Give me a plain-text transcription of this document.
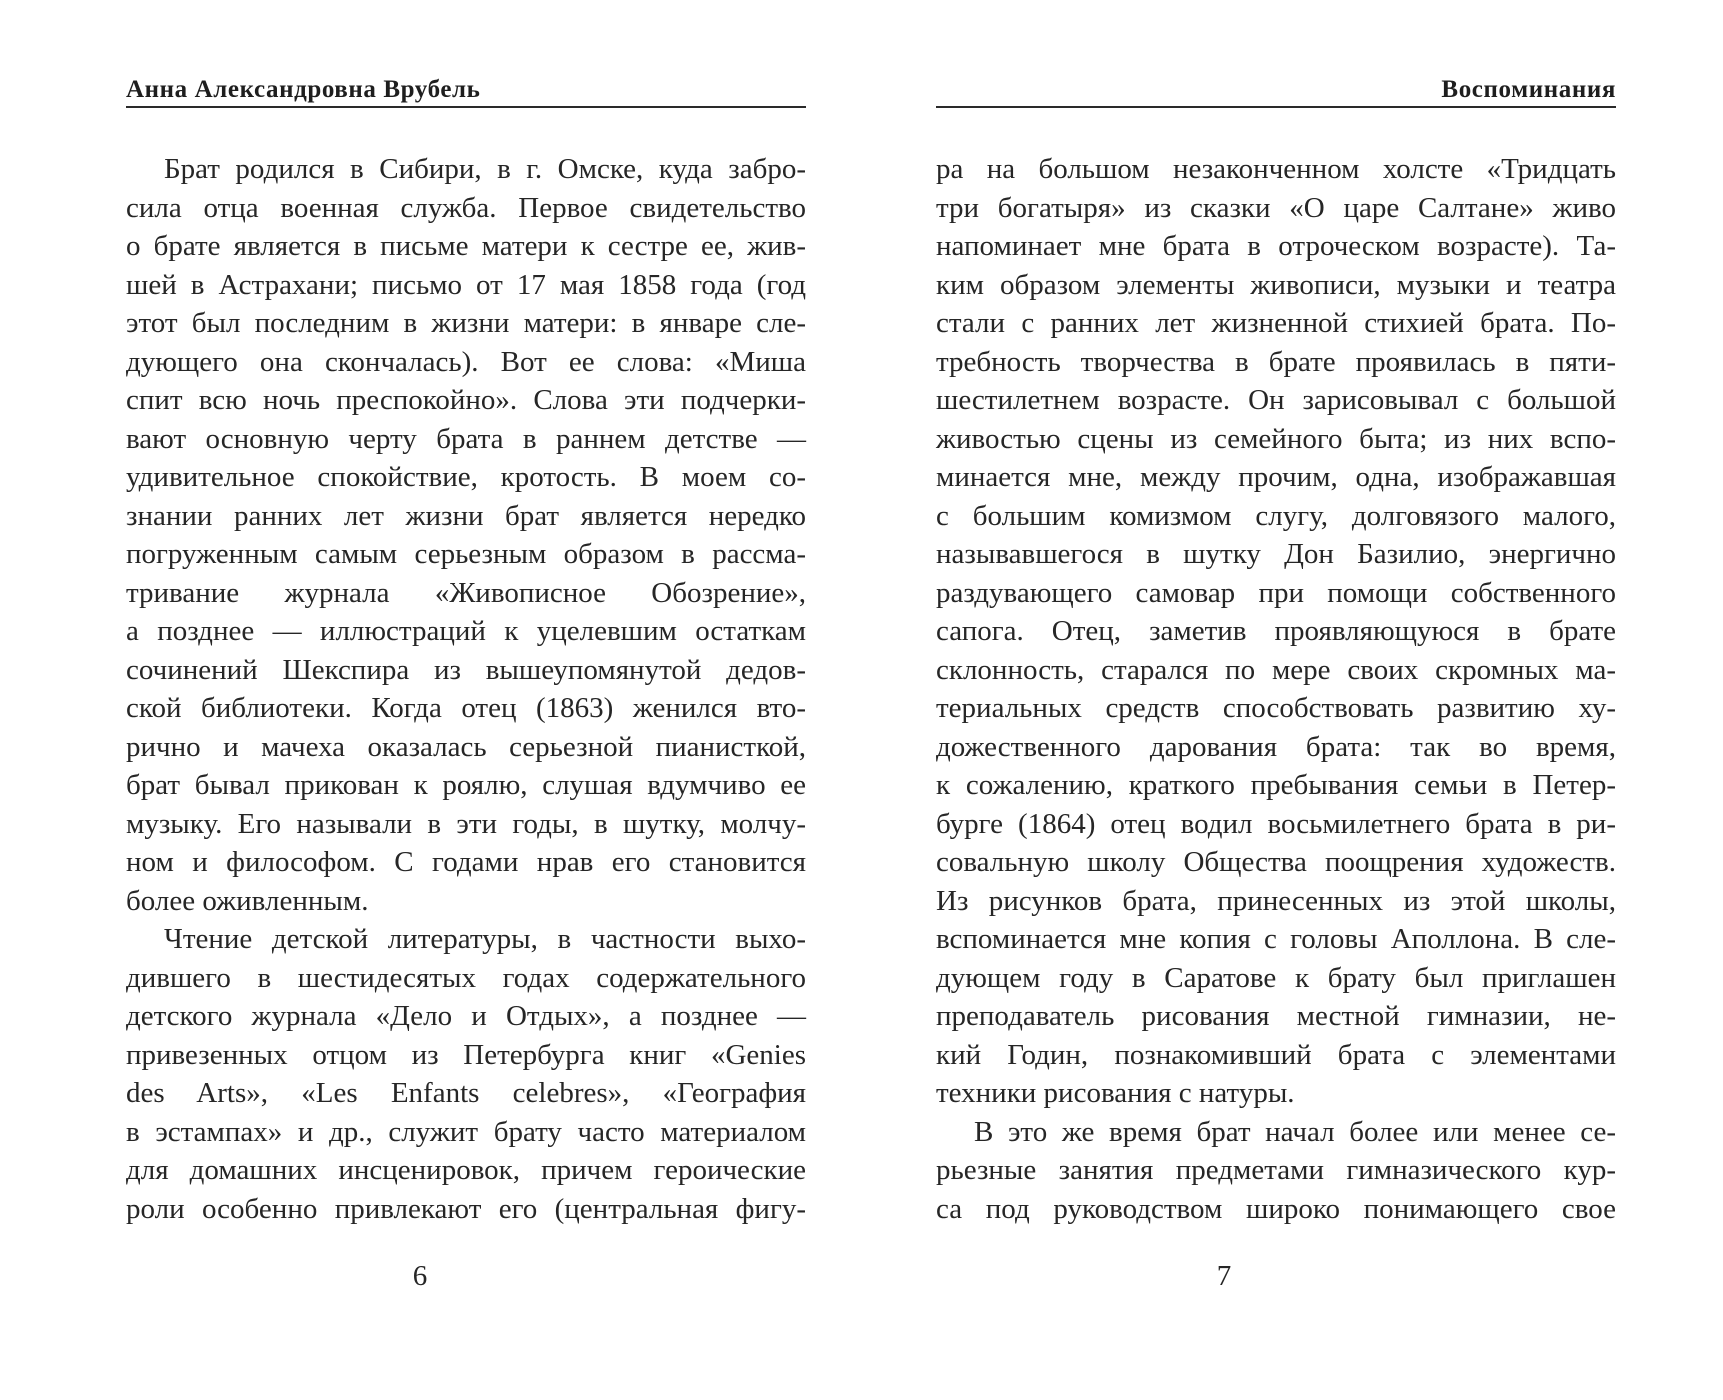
Анна Александровна Врубель
Брат родился в Сибири, в г. Омске, куда забро-
сила отца военная служба. Первое свидетельство
о брате является в письме матери к сестре ее, жив-
шей в Астрахани; письмо от 17 мая 1858 года (год
этот был последним в жизни матери: в январе сле-
дующего она скончалась). Вот ее слова: «Миша
спит всю ночь преспокойно». Слова эти подчерки-
вают основную черту брата в раннем детстве —
удивительное спокойствие, кротость. В моем со-
знании ранних лет жизни брат является нередко
погруженным самым серьезным образом в рассма-
тривание журнала «Живописное Обозрение»,
а позднее — иллюстраций к уцелевшим остаткам
сочинений Шекспира из вышеупомянутой дедов-
ской библиотеки. Когда отец (1863) женился вто-
рично и мачеха оказалась серьезной пианисткой,
брат бывал прикован к роялю, слушая вдумчиво ее
музыку. Его называли в эти годы, в шутку, молчу-
ном и философом. С годами нрав его становится
более оживленным.
Чтение детской литературы, в частности выхо-
дившего в шестидесятых годах содержательного
детского журнала «Дело и Отдых», а позднее —
привезенных отцом из Петербурга книг «Genies
des Arts», «Les Enfants celebres», «География
в эстампах» и др., служит брату часто материалом
для домашних инсценировок, причем героические
роли особенно привлекают его (центральная фигу-
6
Воспоминания
ра на большом незаконченном холсте «Тридцать
три богатыря» из сказки «О царе Салтане» живо
напоминает мне брата в отроческом возрасте). Та-
ким образом элементы живописи, музыки и театра
стали с ранних лет жизненной стихией брата. По-
требность творчества в брате проявилась в пяти-
шестилетнем возрасте. Он зарисовывал с большой
живостью сцены из семейного быта; из них вспо-
минается мне, между прочим, одна, изображавшая
с большим комизмом слугу, долговязого малого,
называвшегося в шутку Дон Базилио, энергично
раздувающего самовар при помощи собственного
сапога. Отец, заметив проявляющуюся в брате
склонность, старался по мере своих скромных ма-
териальных средств способствовать развитию ху-
дожественного дарования брата: так во время,
к сожалению, краткого пребывания семьи в Петер-
бурге (1864) отец водил восьмилетнего брата в ри-
совальную школу Общества поощрения художеств.
Из рисунков брата, принесенных из этой школы,
вспоминается мне копия с головы Аполлона. В сле-
дующем году в Саратове к брату был приглашен
преподаватель рисования местной гимназии, не-
кий Годин, познакомивший брата с элементами
техники рисования с натуры.
В это же время брат начал более или менее се-
рьезные занятия предметами гимназического кур-
са под руководством широко понимающего свое
7
